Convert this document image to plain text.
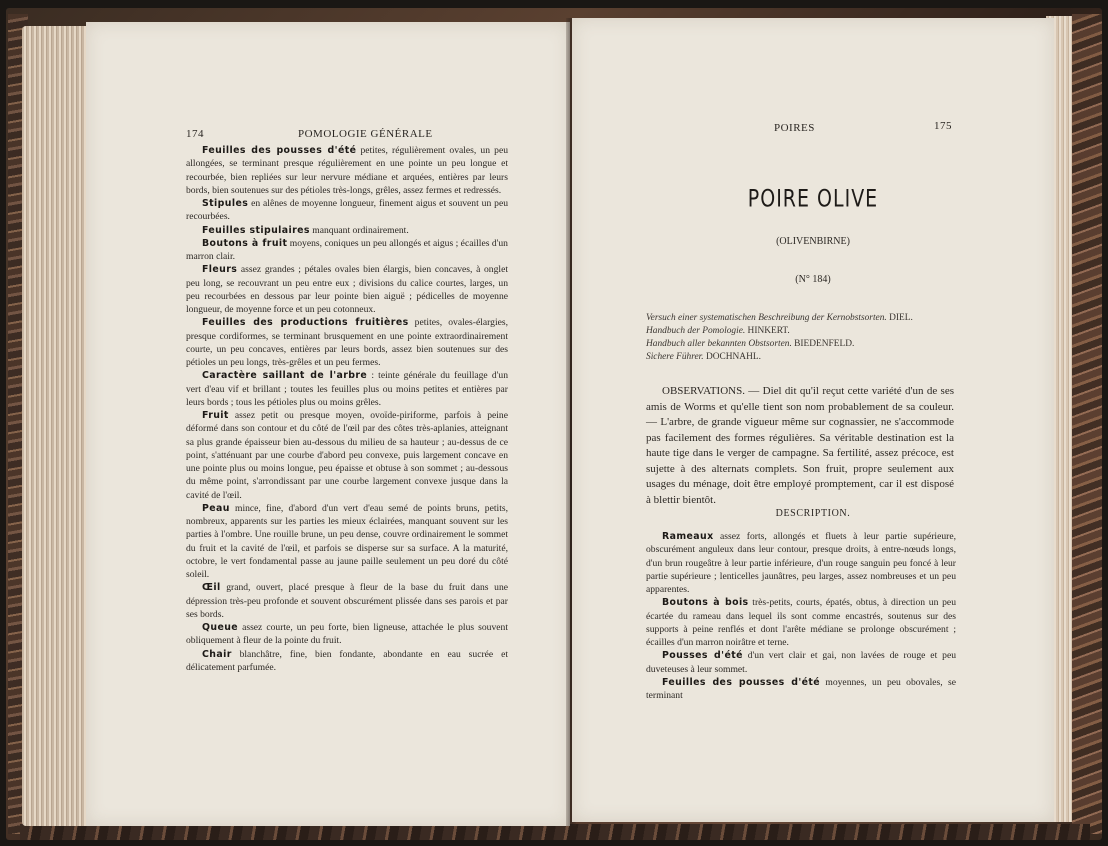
174	POMOLOGIE GÉNÉRALE

Feuilles des pousses d'été petites, régulièrement ovales, un peu allongées, se terminant presque régulièrement en une pointe un peu longue et recourbée, bien repliées sur leur nervure médiane et arquées, entières par leurs bords, bien soutenues sur des pétioles très-longs, grêles, assez fermes et redressés.

Stipules en alênes de moyenne longueur, finement aigus et souvent un peu recourbées.

Feuilles stipulaires manquant ordinairement.

Boutons à fruit moyens, coniques un peu allongés et aigus ; écailles d'un marron clair.

Fleurs assez grandes ; pétales ovales bien élargis, bien concaves, à onglet peu long, se recouvrant un peu entre eux ; divisions du calice courtes, larges, un peu recourbées en dessous par leur pointe bien aiguë ; pédicelles de moyenne longueur, de moyenne force et un peu cotonneux.

Feuilles des productions fruitières petites, ovales-élargies, presque cordiformes, se terminant brusquement en une pointe extraordinairement courte, un peu concaves, entières par leurs bords, assez bien soutenues sur des pétioles un peu longs, très-grêles et un peu fermes.

Caractère saillant de l'arbre : teinte générale du feuillage d'un vert d'eau vif et brillant ; toutes les feuilles plus ou moins petites et entières par leurs bords ; tous les pétioles plus ou moins grêles.

Fruit assez petit ou presque moyen, ovoïde-piriforme, parfois à peine déformé dans son contour et du côté de l'œil par des côtes très-aplanies, atteignant sa plus grande épaisseur bien au-dessous du milieu de sa hauteur ; au-dessus de ce point, s'atténuant par une courbe d'abord peu convexe, puis largement concave en une pointe plus ou moins longue, peu épaisse et obtuse à son sommet ; au-dessous du même point, s'arrondissant par une courbe largement convexe jusque dans la cavité de l'œil.

Peau mince, fine, d'abord d'un vert d'eau semé de points bruns, petits, nombreux, apparents sur les parties les mieux éclairées, manquant souvent sur les parties à l'ombre. Une rouille brune, un peu dense, couvre ordinairement le sommet du fruit et la cavité de l'œil, et parfois se disperse sur sa surface. A la maturité, octobre, le vert fondamental passe au jaune paille seulement un peu doré du côté soleil.

Œil grand, ouvert, placé presque à fleur de la base du fruit dans une dépression très-peu profonde et souvent obscurément plissée dans ses parois et par ses bords.

Queue assez courte, un peu forte, bien ligneuse, attachée le plus souvent obliquement à fleur de la pointe du fruit.

Chair blanchâtre, fine, bien fondante, abondante en eau sucrée et délicatement parfumée.

POIRES	175
POIRE OLIVE
(OLIVENBIRNE)
(N° 184)
Versuch einer systematischen Beschreibung der Kernobstsorten. DIEL.
Handbuch der Pomologie. HINKERT.
Handbuch aller bekannten Obstsorten. BIEDENFELD.
Sichere Führer. DOCHNAHL.

OBSERVATIONS. — Diel dit qu'il reçut cette variété d'un de ses amis de Worms et qu'elle tient son nom probablement de sa couleur. — L'arbre, de grande vigueur même sur cognassier, ne s'accommode pas facilement des formes régulières. Sa véritable destination est la haute tige dans le verger de campagne. Sa fertilité, assez précoce, est sujette à des alternats complets. Son fruit, propre seulement aux usages du ménage, doit être employé promptement, car il est disposé à blettir bientôt.

DESCRIPTION.

Rameaux assez forts, allongés et fluets à leur partie supérieure, obscurément anguleux dans leur contour, presque droits, à entre-nœuds longs, d'un brun rougeâtre à leur partie inférieure, d'un rouge sanguin peu foncé à leur partie supérieure ; lenticelles jaunâtres, peu larges, assez nombreuses et un peu apparentes.

Boutons à bois très-petits, courts, épatés, obtus, à direction un peu écartée du rameau dans lequel ils sont comme encastrés, soutenus sur des supports à peine renflés et dont l'arête médiane se prolonge obscurément ; écailles d'un marron noirâtre et terne.

Pousses d'été d'un vert clair et gai, non lavées de rouge et peu duveteuses à leur sommet.

Feuilles des pousses d'été moyennes, un peu obovales, se terminant
